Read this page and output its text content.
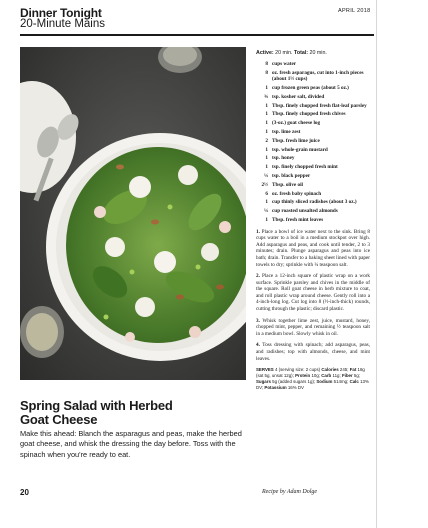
Dinner Tonight
20-Minute Mains
APRIL 2018
Spring Salad with Herbed
Goat Cheese
Make this ahead: Blanch the asparagus and peas, make the herbed goat cheese, and whisk the dressing the day before. Toss with the spinach when you're ready to eat.
Active: 20 min. Total: 20 min.
8 cups water
8 oz. fresh asparagus, cut into 1-inch pieces (about 1½ cups)
1 cup frozen green peas (about 5 oz.)
¾ tsp. kosher salt, divided
1 Tbsp. finely chopped fresh flat-leaf parsley
1 Tbsp. finely chopped fresh chives
1 (3-oz.) goat cheese log
1 tsp. lime zest
2 Tbsp. fresh lime juice
1 tsp. whole-grain mustard
1 tsp. honey
1 tsp. finely chopped fresh mint
¼ tsp. black pepper
2½ Tbsp. olive oil
6 oz. fresh baby spinach
1 cup thinly sliced radishes (about 3 oz.)
¼ cup roasted unsalted almonds
1 Tbsp. fresh mint leaves
1. Place a bowl of ice water next to the sink. Bring 8 cups water to a boil in a medium stockpot over high. Add asparagus and peas, and cook until tender, 2 to 3 minutes; drain. Plunge asparagus and peas into ice bath; drain. Transfer to a baking sheet lined with paper towels to dry; sprinkle with ¼ teaspoon salt.
2. Place a 12-inch square of plastic wrap on a work surface. Sprinkle parsley and chives in the middle of the square. Roll goat cheese in herb mixture to coat, and roll plastic wrap around cheese. Gently roll into a 4-inch-long log. Cut log into 8 (½-inch-thick) rounds, cutting through the plastic; discard plastic.
3. Whisk together lime zest, juice, mustard, honey, chopped mint, pepper, and remaining ½ teaspoon salt in a medium bowl. Slowly whisk in oil.
4. Toss dressing with spinach; add asparagus, peas, and radishes; top with almonds, cheese, and mint leaves.
SERVES 4 (serving size: 2 cups) Calories 245; Fat 18g (sat 5g, unsat 12g); Protein 10g; Carb 11g; Fiber 5g; Sugars 5g (added sugars 1g); Sodium 514mg; Calc 13% DV; Potassium 16% DV
20	Recipe by Adam Dolge
